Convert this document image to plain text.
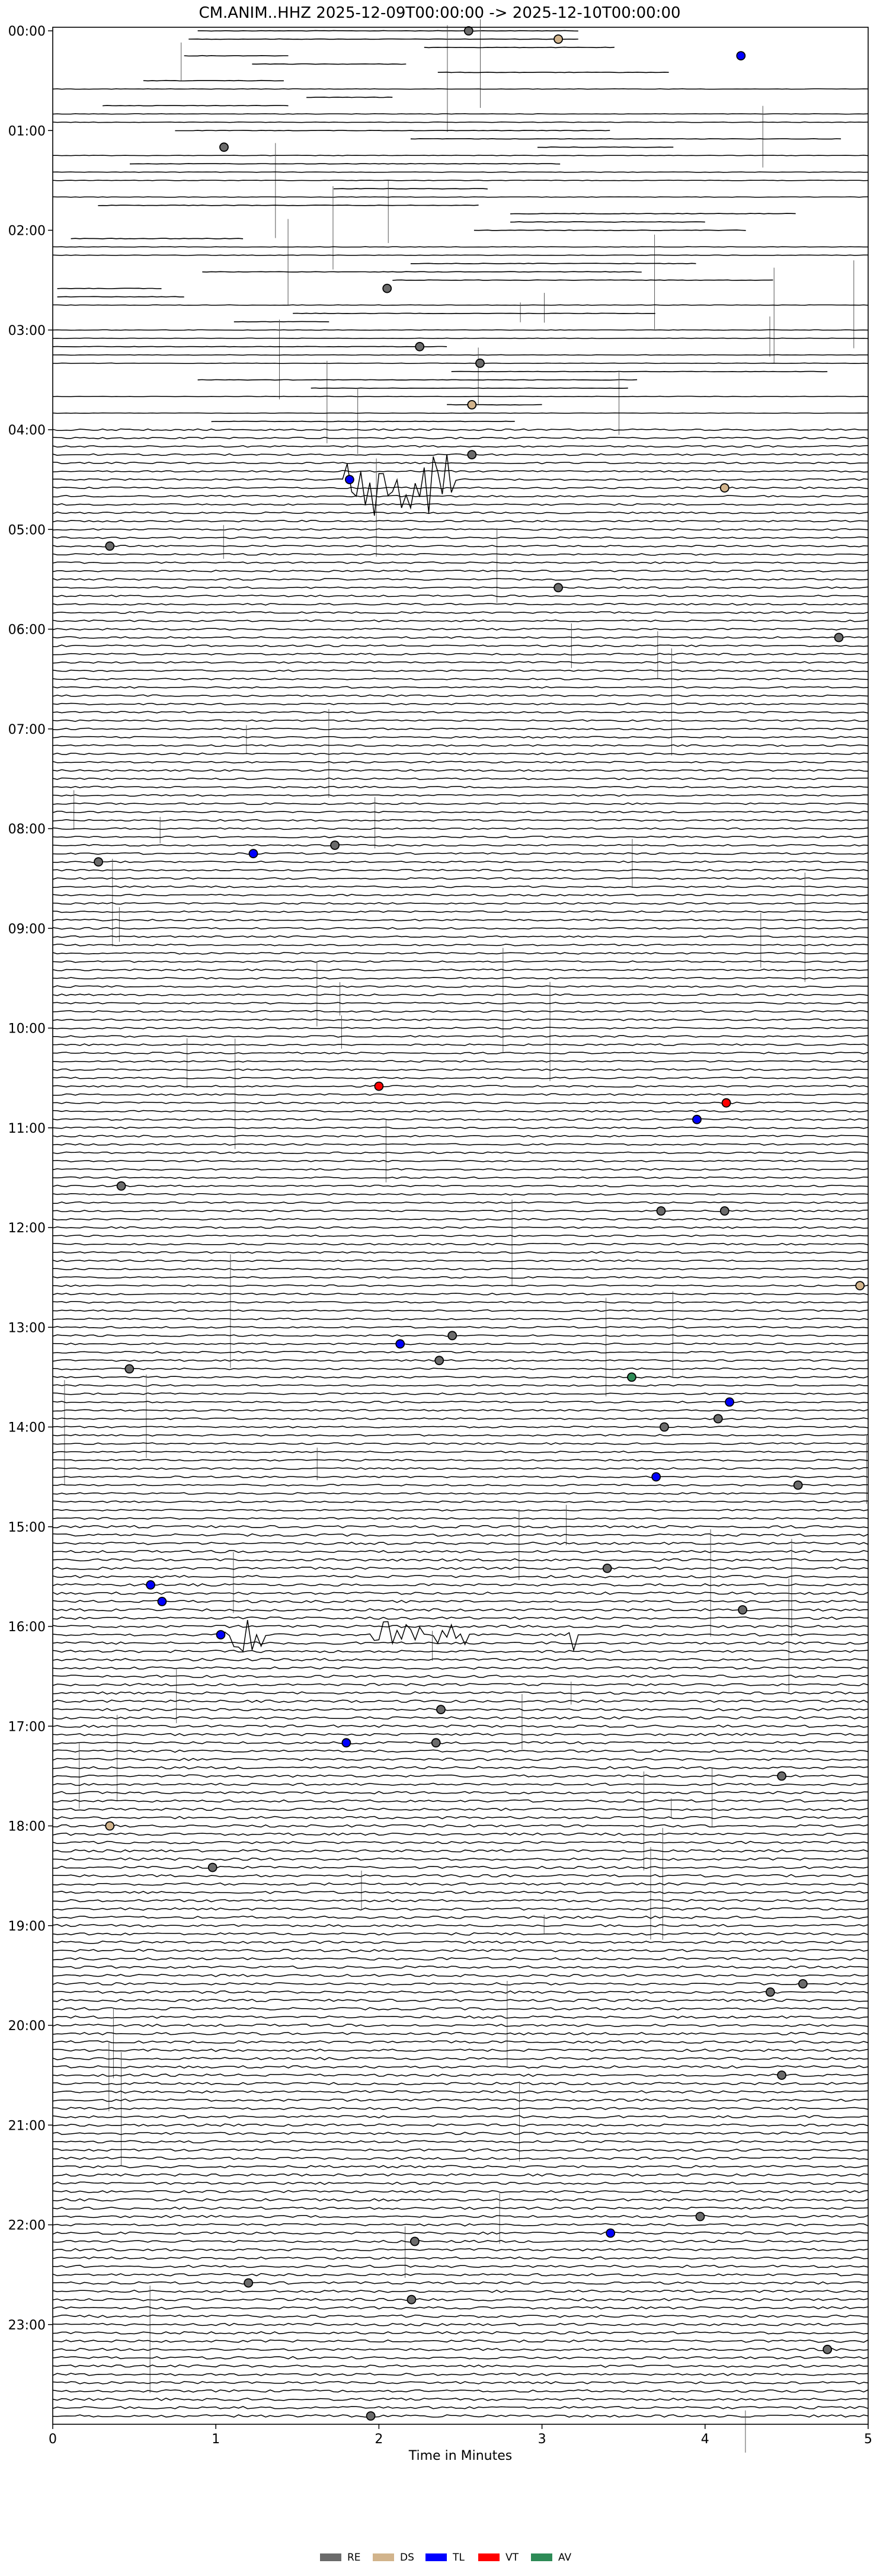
CM.ANIM..HHZ 2025-12-09T00:00:00 -> 2025-12-10T00:00:00
00:00
01:00
02:00
03:00
04:00
05:00
06:00
07:00
08:00
09:00
10:00
11:00
12:00
13:00
14:00
15:00
16:00
17:00
18:00
19:00
20:00
21:00
22:00
23:00
0	1	2	3	4	5
Time in Minutes
RE	DS	TL	VT	AV
